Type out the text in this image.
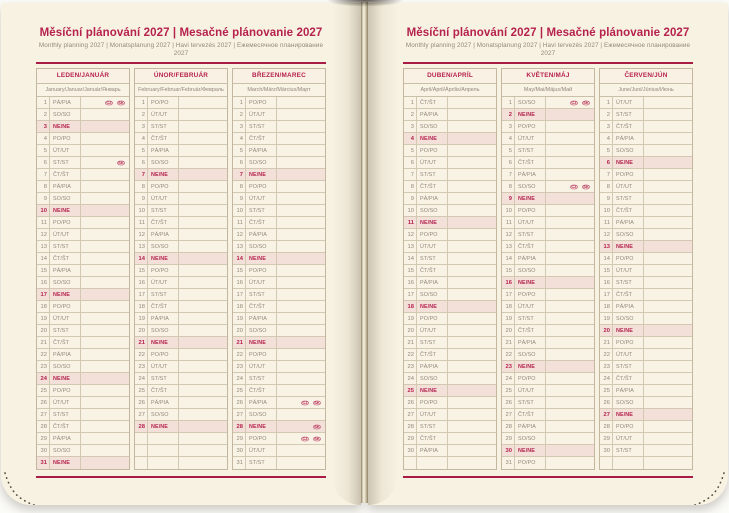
Měsíční plánování 2027 | Mesačné plánovanie 2027
Monthly planning 2027 | Monatsplanung 2027 | Havi tervezés 2027 | Ежемесячное планирование 2027
LEDEN/JANUÁR
January/Januar/Január/Январь
1	PÁ/PIA	CZ SK
2	SO/SO
3	NE/NE
4	PO/PO
5	ÚT/UT
6	ST/ST	SK
7	ČT/ŠT
8	PÁ/PIA
9	SO/SO
10	NE/NE
11	PO/PO
12	ÚT/UT
13	ST/ST
14	ČT/ŠT
15	PÁ/PIA
16	SO/SO
17	NE/NE
18	PO/PO
19	ÚT/UT
20	ST/ST
21	ČT/ŠT
22	PÁ/PIA
23	SO/SO
24	NE/NE
25	PO/PO
26	ÚT/UT
27	ST/ST
28	ČT/ŠT
29	PÁ/PIA
30	SO/SO
31	NE/NE
ÚNOR/FEBRUÁR
February/Februar/Február/Февраль
1	PO/PO
2	ÚT/UT
3	ST/ST
4	ČT/ŠT
5	PÁ/PIA
6	SO/SO
7	NE/NE
8	PO/PO
9	ÚT/UT
10	ST/ST
11	ČT/ŠT
12	PÁ/PIA
13	SO/SO
14	NE/NE
15	PO/PO
16	ÚT/UT
17	ST/ST
18	ČT/ŠT
19	PÁ/PIA
20	SO/SO
21	NE/NE
22	PO/PO
23	ÚT/UT
24	ST/ST
25	ČT/ŠT
26	PÁ/PIA
27	SO/SO
28	NE/NE
BŘEZEN/MAREC
March/März/Március/Март
1	PO/PO
2	ÚT/UT
3	ST/ST
4	ČT/ŠT
5	PÁ/PIA
6	SO/SO
7	NE/NE
8	PO/PO
9	ÚT/UT
10	ST/ST
11	ČT/ŠT
12	PÁ/PIA
13	SO/SO
14	NE/NE
15	PO/PO
16	ÚT/UT
17	ST/ST
18	ČT/ŠT
19	PÁ/PIA
20	SO/SO
21	NE/NE
22	PO/PO
23	ÚT/UT
24	ST/ST
25	ČT/ŠT
26	PÁ/PIA	CZ SK
27	SO/SO
28	NE/NE	SK
29	PO/PO	CZ SK
30	ÚT/UT
31	ST/ST
Měsíční plánování 2027 | Mesačné plánovanie 2027
Monthly planning 2027 | Monatsplanung 2027 | Havi tervezés 2027 | Ежемесячное планирование 2027
DUBEN/APRÍL
April/April/Április/Апрель
1	ČT/ŠT
2	PÁ/PIA
3	SO/SO
4	NE/NE
5	PO/PO
6	ÚT/UT
7	ST/ST
8	ČT/ŠT
9	PÁ/PIA
10	SO/SO
11	NE/NE
12	PO/PO
13	ÚT/UT
14	ST/ST
15	ČT/ŠT
16	PÁ/PIA
17	SO/SO
18	NE/NE
19	PO/PO
20	ÚT/UT
21	ST/ST
22	ČT/ŠT
23	PÁ/PIA
24	SO/SO
25	NE/NE
26	PO/PO
27	ÚT/UT
28	ST/ST
29	ČT/ŠT
30	PÁ/PIA
KVĚTEN/MÁJ
May/Mai/Május/Май
1	SO/SO	CZ SK
2	NE/NE
3	PO/PO
4	ÚT/UT
5	ST/ST
6	ČT/ŠT
7	PÁ/PIA
8	SO/SO	CZ SK
9	NE/NE
10	PO/PO
11	ÚT/UT
12	ST/ST
13	ČT/ŠT
14	PÁ/PIA
15	SO/SO
16	NE/NE
17	PO/PO
18	ÚT/UT
19	ST/ST
20	ČT/ŠT
21	PÁ/PIA
22	SO/SO
23	NE/NE
24	PO/PO
25	ÚT/UT
26	ST/ST
27	ČT/ŠT
28	PÁ/PIA
29	SO/SO
30	NE/NE
31	PO/PO
ČERVEN/JÚN
June/Juni/Június/Июнь
1	ÚT/UT
2	ST/ST
3	ČT/ŠT
4	PÁ/PIA
5	SO/SO
6	NE/NE
7	PO/PO
8	ÚT/UT
9	ST/ST
10	ČT/ŠT
11	PÁ/PIA
12	SO/SO
13	NE/NE
14	PO/PO
15	ÚT/UT
16	ST/ST
17	ČT/ŠT
18	PÁ/PIA
19	SO/SO
20	NE/NE
21	PO/PO
22	ÚT/UT
23	ST/ST
24	ČT/ŠT
25	PÁ/PIA
26	SO/SO
27	NE/NE
28	PO/PO
29	ÚT/UT
30	ST/ST
